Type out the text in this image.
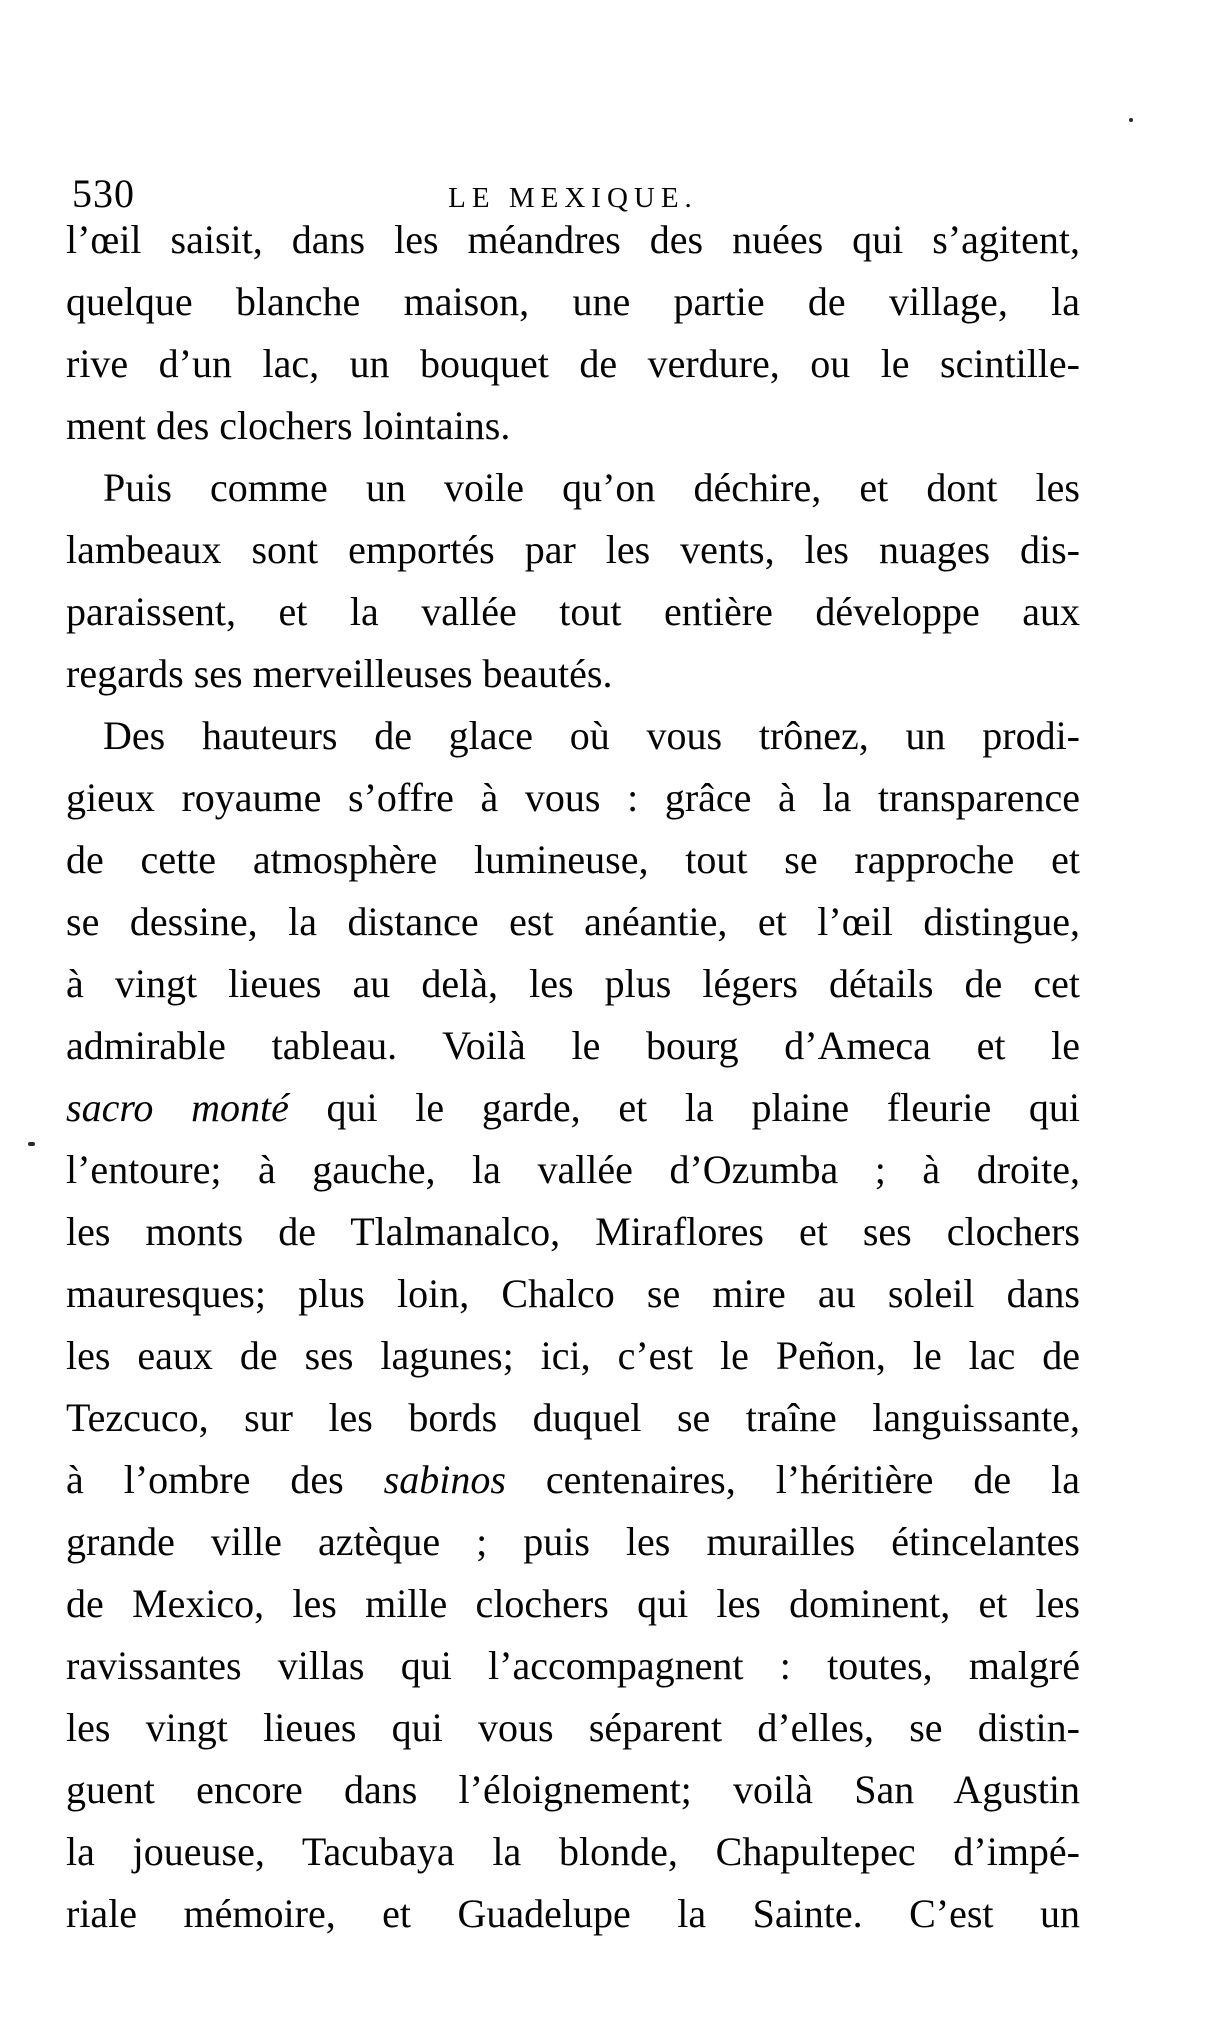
530	LE MEXIQUE.
l’œil saisit, dans les méandres des nuées qui s’agitent,
quelque blanche maison, une partie de village, la
rive d’un lac, un bouquet de verdure, ou le scintille-
ment des clochers lointains.
Puis comme un voile qu’on déchire, et dont les
lambeaux sont emportés par les vents, les nuages dis-
paraissent, et la vallée tout entière développe aux
regards ses merveilleuses beautés.
Des hauteurs de glace où vous trônez, un prodi-
gieux royaume s’offre à vous : grâce à la transparence
de cette atmosphère lumineuse, tout se rapproche et
se dessine, la distance est anéantie, et l’œil distingue,
à vingt lieues au delà, les plus légers détails de cet
admirable tableau. Voilà le bourg d’Ameca et le
sacro monté qui le garde, et la plaine fleurie qui
l’entoure; à gauche, la vallée d’Ozumba ; à droite,
les monts de Tlalmanalco, Miraflores et ses clochers
mauresques; plus loin, Chalco se mire au soleil dans
les eaux de ses lagunes; ici, c’est le Peñon, le lac de
Tezcuco, sur les bords duquel se traîne languissante,
à l’ombre des sabinos centenaires, l’héritière de la
grande ville aztèque ; puis les murailles étincelantes
de Mexico, les mille clochers qui les dominent, et les
ravissantes villas qui l’accompagnent : toutes, malgré
les vingt lieues qui vous séparent d’elles, se distin-
guent encore dans l’éloignement; voilà San Agustin
la joueuse, Tacubaya la blonde, Chapultepec d’impé-
riale mémoire, et Guadelupe la Sainte. C’est un
